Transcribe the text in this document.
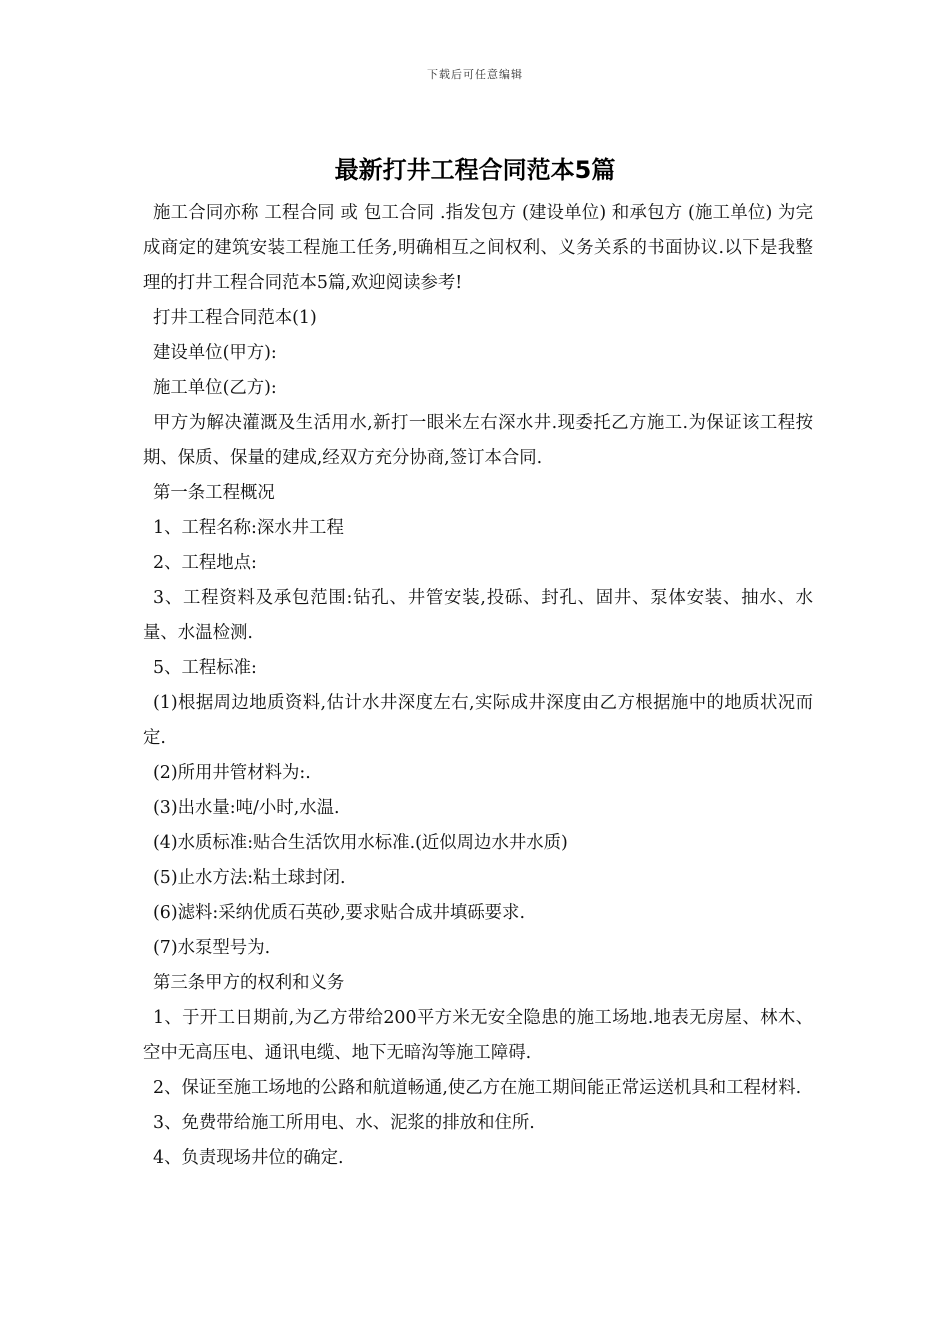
下载后可任意编辑
最新打井工程合同范本5篇

施工合同亦称 工程合同 或 包工合同 .指发包方 (建设单位) 和承包方 (施工单位) 为完成商定的建筑安装工程施工任务,明确相互之间权利、义务关系的书面协议.以下是我整理的打井工程合同范本5篇,欢迎阅读参考!

打井工程合同范本(1)

建设单位(甲方):

施工单位(乙方):

甲方为解决灌溉及生活用水,新打一眼米左右深水井.现委托乙方施工.为保证该工程按期、保质、保量的建成,经双方充分协商,签订本合同.

第一条工程概况

1、工程名称:深水井工程

2、工程地点:

3、工程资料及承包范围:钻孔、井管安装,投砾、封孔、固井、泵体安装、抽水、水量、水温检测.

5、工程标准:

(1)根据周边地质资料,估计水井深度左右,实际成井深度由乙方根据施中的地质状况而定.

(2)所用井管材料为:.

(3)出水量:吨/小时,水温.

(4)水质标准:贴合生活饮用水标准.(近似周边水井水质)

(5)止水方法:粘土球封闭.

(6)滤料:采纳优质石英砂,要求贴合成井填砾要求.

(7)水泵型号为.

第三条甲方的权利和义务

1、于开工日期前,为乙方带给200平方米无安全隐患的施工场地.地表无房屋、林木、空中无高压电、通讯电缆、地下无暗沟等施工障碍.

2、保证至施工场地的公路和航道畅通,使乙方在施工期间能正常运送机具和工程材料.

3、免费带给施工所用电、水、泥浆的排放和住所.

4、负责现场井位的确定.
